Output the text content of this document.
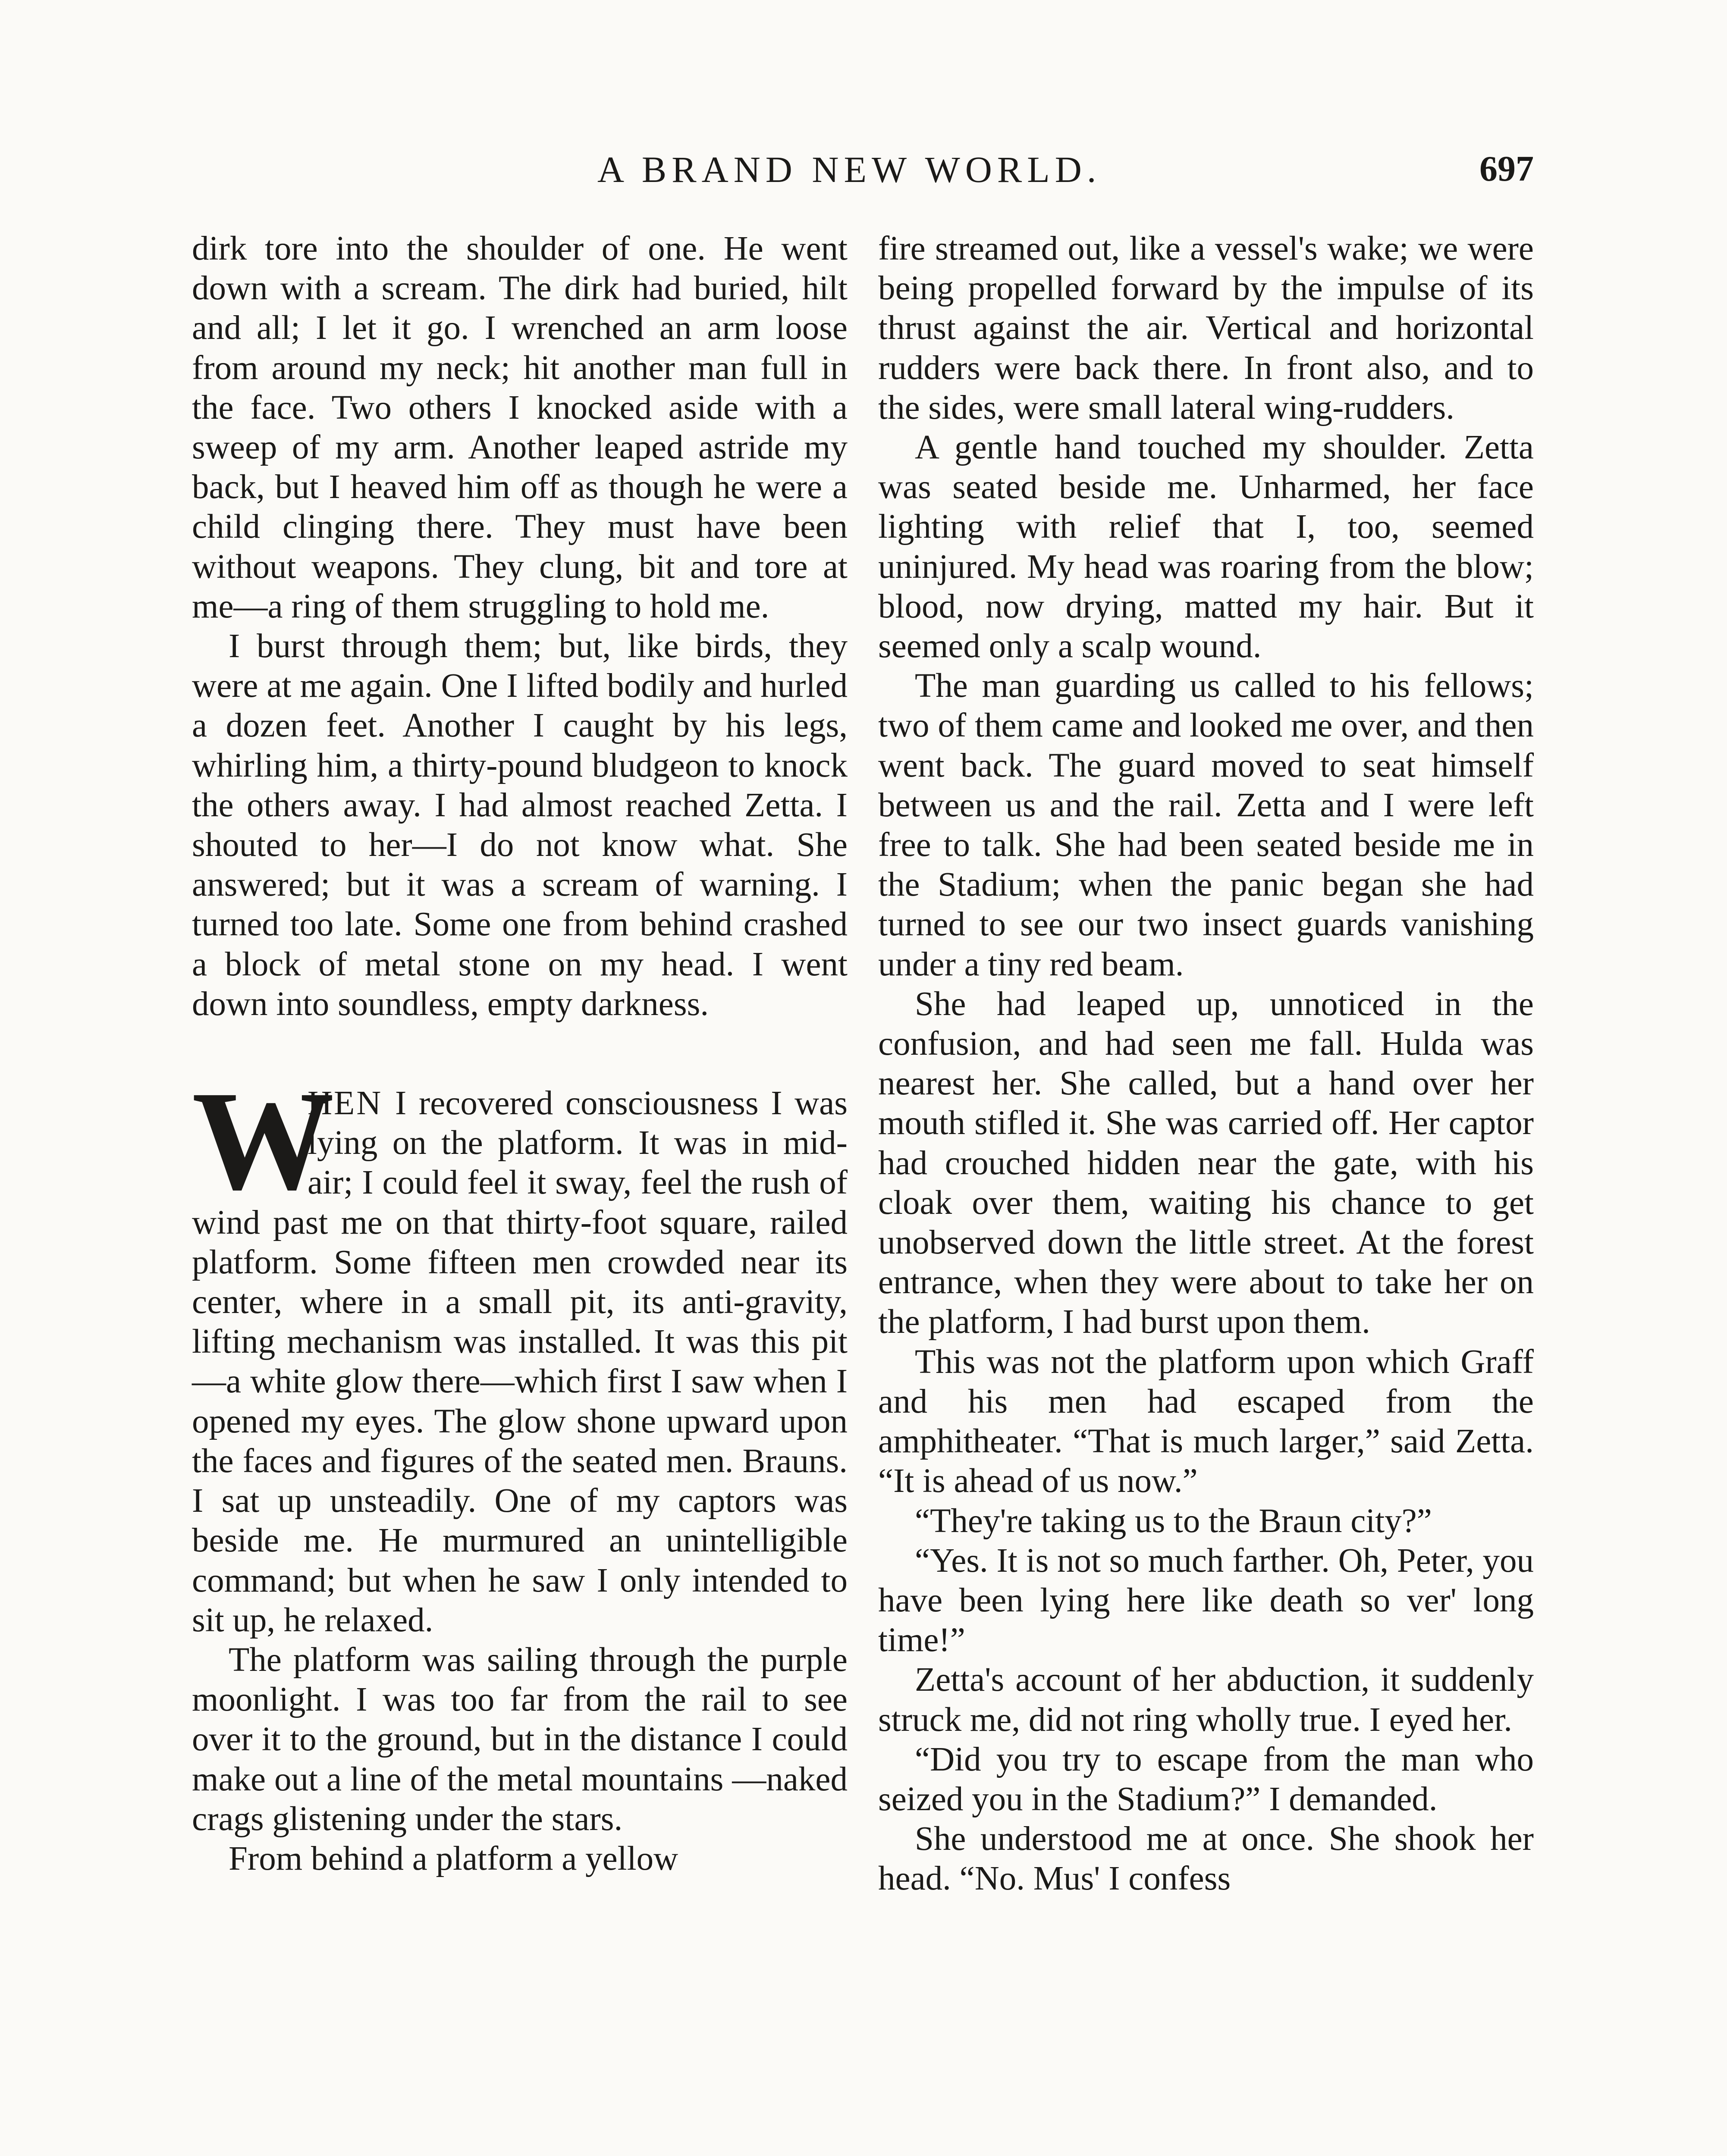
A BRAND NEW WORLD.	697

dirk tore into the shoulder of one. He went down with a scream. The dirk had buried, hilt and all; I let it go. I wrenched an arm loose from around my neck; hit another man full in the face. Two others I knocked aside with a sweep of my arm. Another leaped astride my back, but I heaved him off as though he were a child clinging there. They must have been without weapons. They clung, bit and tore at me—a ring of them struggling to hold me.

I burst through them; but, like birds, they were at me again. One I lifted bodily and hurled a dozen feet. Another I caught by his legs, whirling him, a thirty-pound bludgeon to knock the others away. I had almost reached Zetta. I shouted to her—I do not know what. She answered; but it was a scream of warning. I turned too late. Some one from behind crashed a block of metal stone on my head. I went down into soundless, empty darkness.

W
HEN I recovered consciousness I was lying on the platform. It was in mid-air; I could feel it sway, feel the rush of wind past me on that thirty-foot square, railed platform. Some fifteen men crowded near its center, where in a small pit, its anti-gravity, lifting mechanism was installed. It was this pit—a white glow there—which first I saw when I opened my eyes. The glow shone upward upon the faces and figures of the seated men. Brauns. I sat up unsteadily. One of my captors was beside me. He murmured an unintelligible command; but when he saw I only intended to sit up, he relaxed.

The platform was sailing through the purple moonlight. I was too far from the rail to see over it to the ground, but in the distance I could make out a line of the metal mountains —naked crags glistening under the stars.

From behind a platform a yellow

fire streamed out, like a vessel's wake; we were being propelled forward by the impulse of its thrust against the air. Vertical and horizontal rudders were back there. In front also, and to the sides, were small lateral wing-rudders.

A gentle hand touched my shoulder. Zetta was seated beside me. Unharmed, her face lighting with relief that I, too, seemed uninjured. My head was roaring from the blow; blood, now drying, matted my hair. But it seemed only a scalp wound.

The man guarding us called to his fellows; two of them came and looked me over, and then went back. The guard moved to seat himself between us and the rail. Zetta and I were left free to talk. She had been seated beside me in the Stadium; when the panic began she had turned to see our two insect guards vanishing under a tiny red beam.

She had leaped up, unnoticed in the confusion, and had seen me fall. Hulda was nearest her. She called, but a hand over her mouth stifled it. She was carried off. Her captor had crouched hidden near the gate, with his cloak over them, waiting his chance to get unobserved down the little street. At the forest entrance, when they were about to take her on the platform, I had burst upon them.

This was not the platform upon which Graff and his men had escaped from the amphitheater. “That is much larger,” said Zetta. “It is ahead of us now.”

“They're taking us to the Braun city?”

“Yes. It is not so much farther. Oh, Peter, you have been lying here like death so ver' long time!”

Zetta's account of her abduction, it suddenly struck me, did not ring wholly true. I eyed her.

“Did you try to escape from the man who seized you in the Stadium?” I demanded.

She understood me at once. She shook her head. “No. Mus' I confess
